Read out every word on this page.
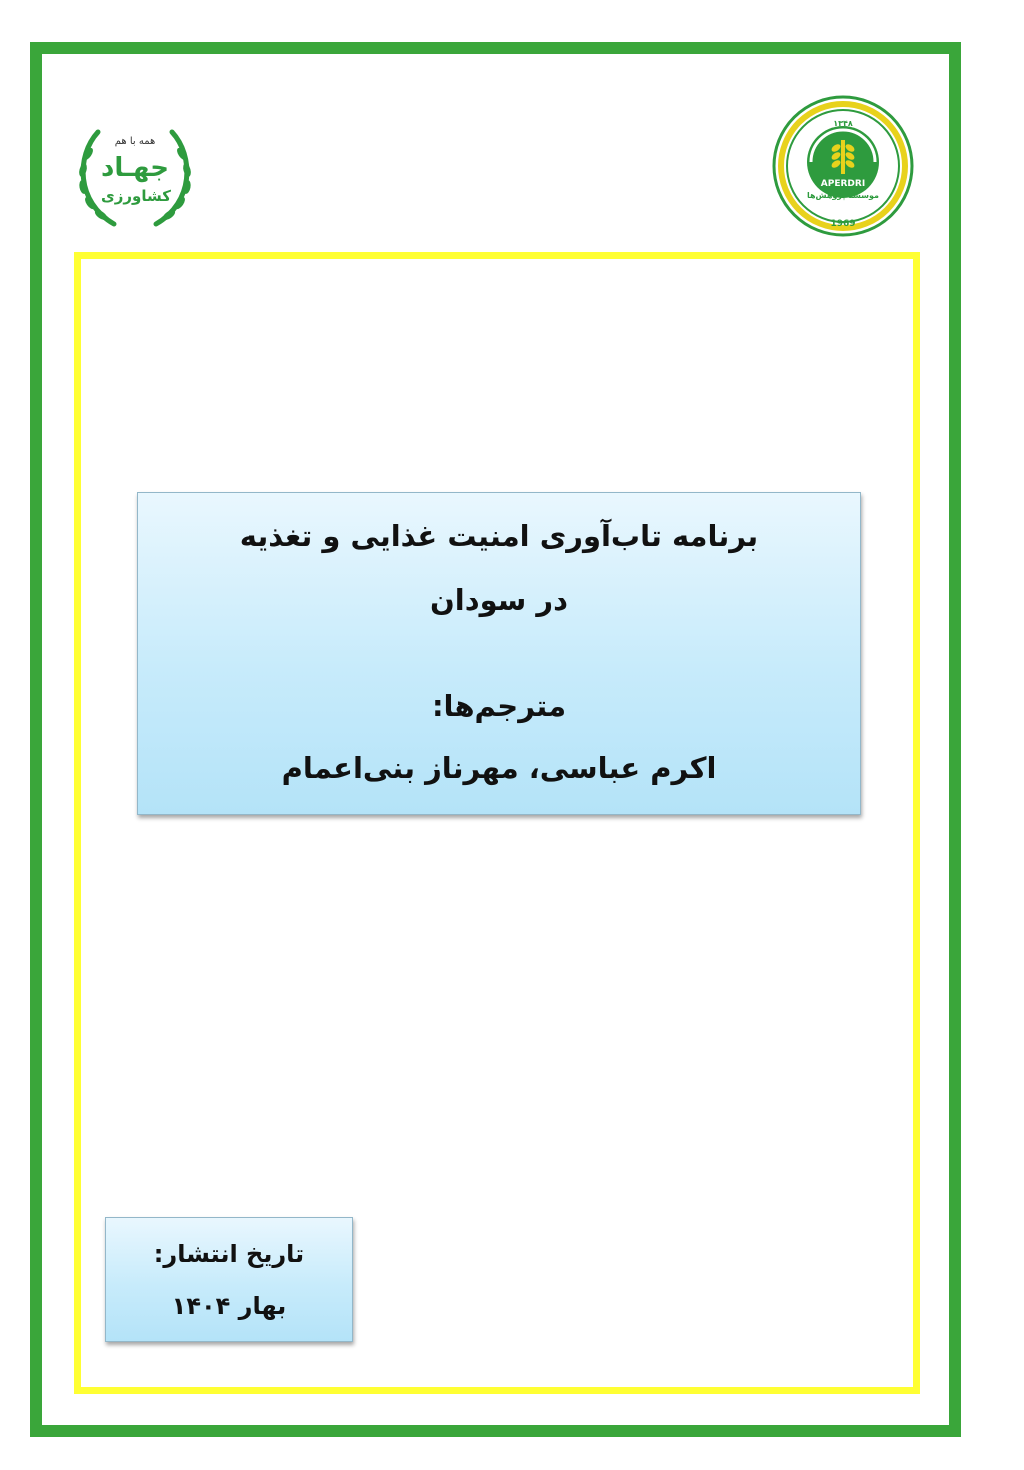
همه با هم
جهـاد
کشاورزی
APERDRI
موسسه پژوهش‌ها
۱۳۴۸
1969
برنامه تاب‌آوری امنیت غذایی و تغذیه
در سودان
مترجم‌ها:
اکرم عباسی، مهرناز بنی‌اعمام
تاریخ انتشار:
بهار ۱۴۰۴
